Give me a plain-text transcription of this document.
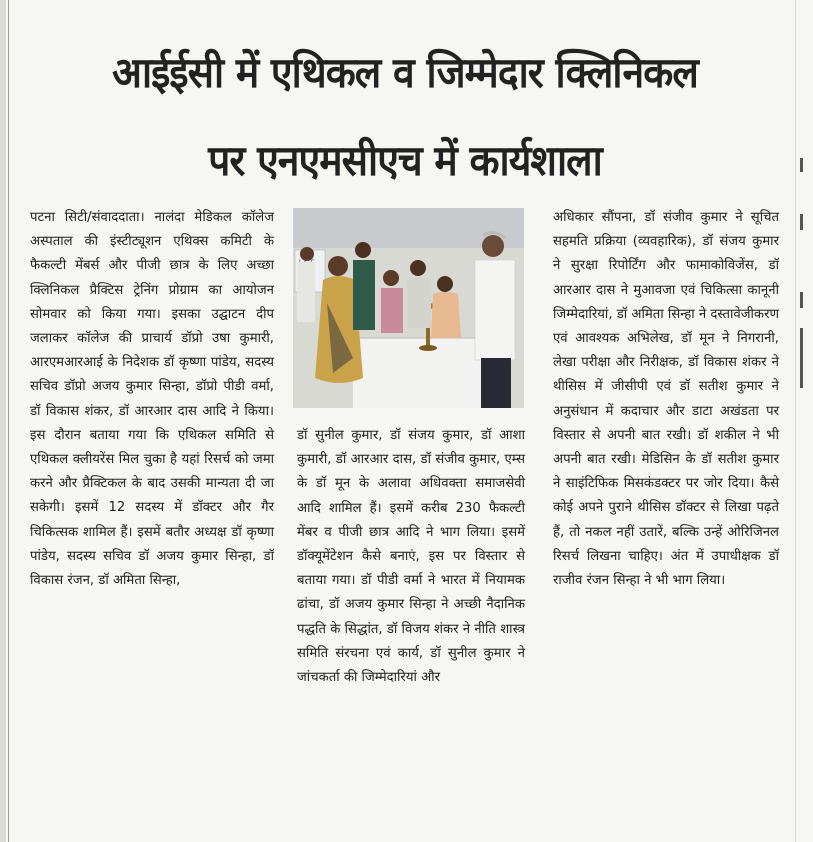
आईईसी में एथिकल व जिम्मेदार क्लिनिकल
पर एनएमसीएच में कार्यशाला

पटना सिटी/संवाददाता। नालंदा मेडिकल कॉलेज अस्पताल की इंस्टीट्यूशन एथिक्स कमिटी के फैकल्टी मेंबर्स और पीजी छात्र के लिए अच्छा क्लिनिकल प्रैक्टिस ट्रेनिंग प्रोग्राम का आयोजन सोमवार को किया गया। इसका उद्घाटन दीप जलाकर कॉलेज की प्राचार्य डॉप्रो उषा कुमारी, आरएमआरआई के निदेशक डॉ कृष्णा पांडेय, सदस्य सचिव डॉप्रो अजय कुमार सिन्हा, डॉप्रो पीडी वर्मा, डॉ विकास शंकर, डॉ आरआर दास आदि ने किया। इस दौरान बताया गया कि एथिकल समिति से एथिकल क्लीयरेंस मिल चुका है यहां रिसर्च को जमा करने और प्रैक्टिकल के बाद उसकी मान्यता दी जा सकेगी। इसमें 12 सदस्य में डॉक्टर और गैर चिकित्सक शामिल हैं। इसमें बतौर अध्यक्ष डॉ कृष्णा पांडेय, सदस्य सचिव डॉ अजय कुमार सिन्हा, डॉ विकास रंजन, डॉ अमिता सिन्हा,

डॉ सुनील कुमार, डॉ संजय कुमार, डॉ आशा कुमारी, डॉ आरआर दास, डॉ संजीव कुमार, एम्स के डॉ मून के अलावा अधिवक्ता समाजसेवी आदि शामिल हैं। इसमें करीब 230 फैकल्टी मेंबर व पीजी छात्र आदि ने भाग लिया। इसमें डॉक्यूमेंटेशन कैसे बनाएं, इस पर विस्तार से बताया गया। डॉ पीडी वर्मा ने भारत में नियामक ढांचा, डॉ अजय कुमार सिन्हा ने अच्छी नैदानिक पद्धति के सिद्धांत, डॉ विजय शंकर ने नीति शास्त्र समिति संरचना एवं कार्य, डॉ सुनील कुमार ने जांचकर्ता की जिम्मेदारियां और

अधिकार सौंपना, डॉ संजीव कुमार ने सूचित सहमति प्रक्रिया (व्यवहारिक), डॉ संजय कुमार ने सुरक्षा रिपोर्टिंग और फामाकोविजेंस, डॉ आरआर दास ने मुआवजा एवं चिकित्सा कानूनी जिम्मेदारियां, डॉ अमिता सिन्हा ने दस्तावेजीकरण एवं आवश्यक अभिलेख, डॉ मून ने निगरानी, लेखा परीक्षा और निरीक्षक, डॉ विकास शंकर ने थीसिस में जीसीपी एवं डॉ सतीश कुमार ने अनुसंधान में कदाचार और डाटा अखंडता पर विस्तार से अपनी बात रखी। डॉ शकील ने भी अपनी बात रखी। मेडिसिन के डॉ सतीश कुमार ने साइंटिफिक मिसकंडक्टर पर जोर दिया। कैसे कोई अपने पुराने थीसिस डॉक्टर से लिखा पढ़ते हैं, तो नकल नहीं उतारें, बल्कि उन्हें ओरिजिनल रिसर्च लिखना चाहिए। अंत में उपाधीक्षक डॉ राजीव रंजन सिन्हा ने भी भाग लिया।
